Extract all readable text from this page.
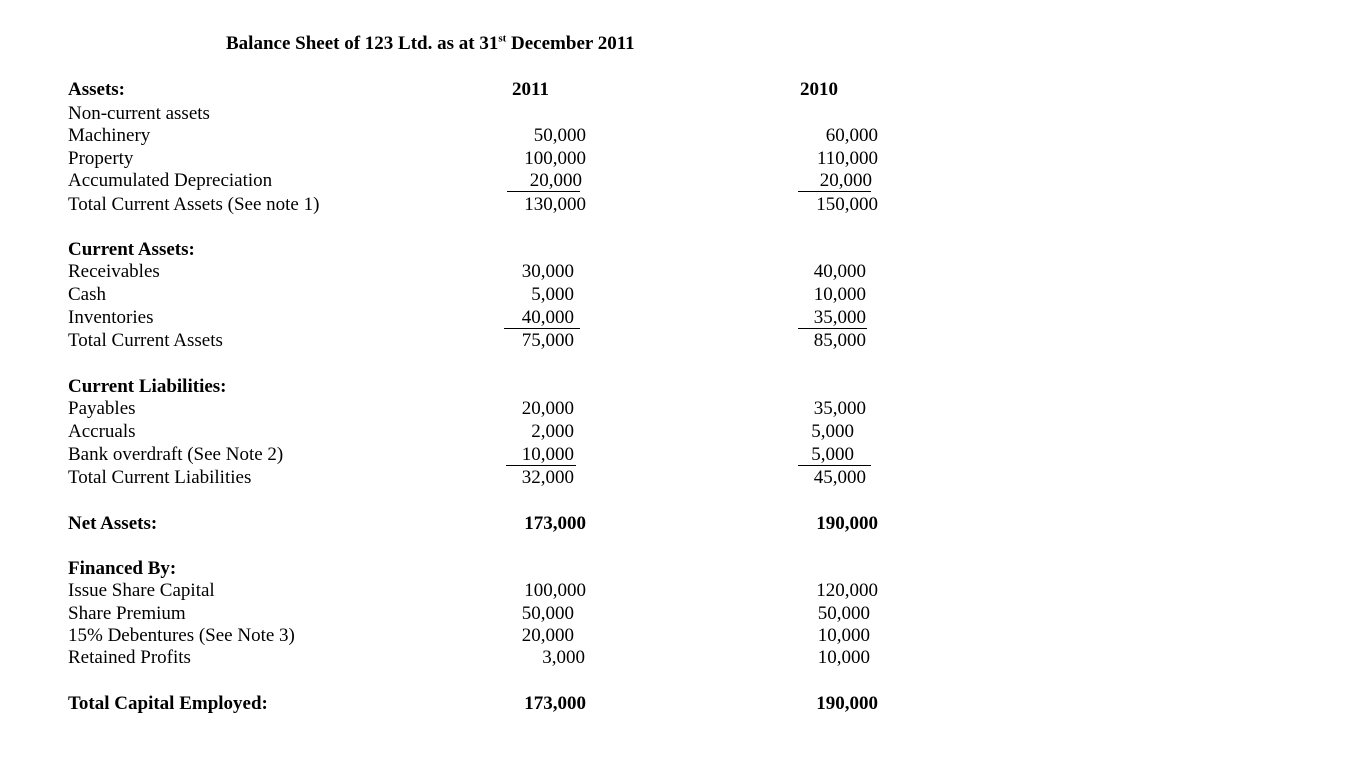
Balance Sheet of 123 Ltd. as at 31st December 2011
Assets:	2011	2010
Non-current assets
Machinery	50,000	60,000
Property	100,000	110,000
Accumulated Depreciation	20,000	20,000
Total Current Assets (See note 1)	130,000	150,000
Current Assets:
Receivables	30,000	40,000
Cash	5,000	10,000
Inventories	40,000	35,000
Total Current Assets	75,000	85,000
Current Liabilities:
Payables	20,000	35,000
Accruals	2,000	5,000
Bank overdraft (See Note 2)	10,000	5,000
Total Current Liabilities	32,000	45,000
Net Assets:	173,000	190,000
Financed By:
Issue Share Capital	100,000	120,000
Share Premium	50,000	50,000
15% Debentures (See Note 3)	20,000	10,000
Retained Profits	3,000	10,000
Total Capital Employed:	173,000	190,000
